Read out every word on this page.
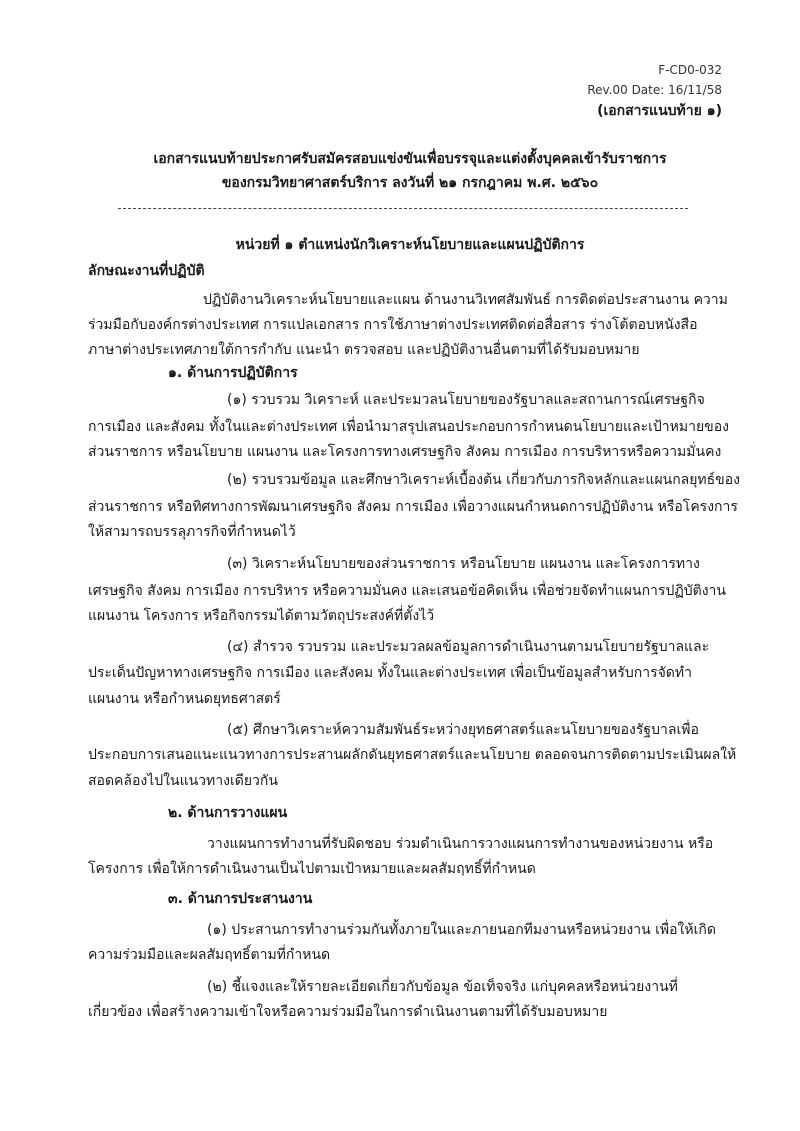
F-CD0-032
Rev.00 Date: 16/11/58
(เอกสารแนบท้าย ๑)
เอกสารแนบท้ายประกาศรับสมัครสอบแข่งขันเพื่อบรรจุและแต่งตั้งบุคคลเข้ารับราชการ
ของกรมวิทยาศาสตร์บริการ ลงวันที่ ๒๑ กรกฎาคม พ.ศ. ๒๕๖๐
หน่วยที่ ๑ ตำแหน่งนักวิเคราะห์นโยบายและแผนปฏิบัติการ
ลักษณะงานที่ปฏิบัติ
ปฏิบัติงานวิเคราะห์นโยบายและแผน ด้านงานวิเทศสัมพันธ์ การติดต่อประสานงาน ความ
ร่วมมือกับองค์กรต่างประเทศ การแปลเอกสาร การใช้ภาษาต่างประเทศติดต่อสื่อสาร ร่างโต้ตอบหนังสือ
ภาษาต่างประเทศภายใต้การกำกับ แนะนำ ตรวจสอบ และปฏิบัติงานอื่นตามที่ได้รับมอบหมาย
๑. ด้านการปฏิบัติการ
(๑) รวบรวม วิเคราะห์ และประมวลนโยบายของรัฐบาลและสถานการณ์เศรษฐกิจ
การเมือง และสังคม ทั้งในและต่างประเทศ เพื่อนำมาสรุปเสนอประกอบการกำหนดนโยบายและเป้าหมายของ
ส่วนราชการ หรือนโยบาย แผนงาน และโครงการทางเศรษฐกิจ สังคม การเมือง การบริหารหรือความมั่นคง
(๒) รวบรวมข้อมูล และศึกษาวิเคราะห์เบื้องต้น เกี่ยวกับภารกิจหลักและแผนกลยุทธ์ของ
ส่วนราชการ หรือทิศทางการพัฒนาเศรษฐกิจ สังคม การเมือง เพื่อวางแผนกำหนดการปฏิบัติงาน หรือโครงการ
ให้สามารถบรรลุภารกิจที่กำหนดไว้
(๓) วิเคราะห์นโยบายของส่วนราชการ หรือนโยบาย แผนงาน และโครงการทาง
เศรษฐกิจ สังคม การเมือง การบริหาร หรือความมั่นคง และเสนอข้อคิดเห็น เพื่อช่วยจัดทำแผนการปฏิบัติงาน
แผนงาน โครงการ หรือกิจกรรมได้ตามวัตถุประสงค์ที่ตั้งไว้
(๔) สำรวจ รวบรวม และประมวลผลข้อมูลการดำเนินงานตามนโยบายรัฐบาลและ
ประเด็นปัญหาทางเศรษฐกิจ การเมือง และสังคม ทั้งในและต่างประเทศ เพื่อเป็นข้อมูลสำหรับการจัดทำ
แผนงาน หรือกำหนดยุทธศาสตร์
(๕) ศึกษาวิเคราะห์ความสัมพันธ์ระหว่างยุทธศาสตร์และนโยบายของรัฐบาลเพื่อ
ประกอบการเสนอแนะแนวทางการประสานผลักดันยุทธศาสตร์และนโยบาย ตลอดจนการติดตามประเมินผลให้
สอดคล้องไปในแนวทางเดียวกัน
๒. ด้านการวางแผน
วางแผนการทำงานที่รับผิดชอบ ร่วมดำเนินการวางแผนการทำงานของหน่วยงาน หรือ
โครงการ เพื่อให้การดำเนินงานเป็นไปตามเป้าหมายและผลสัมฤทธิ์ที่กำหนด
๓. ด้านการประสานงาน
(๑) ประสานการทำงานร่วมกันทั้งภายในและภายนอกทีมงานหรือหน่วยงาน เพื่อให้เกิด
ความร่วมมือและผลสัมฤทธิ์ตามที่กำหนด
(๒) ชี้แจงและให้รายละเอียดเกี่ยวกับข้อมูล ข้อเท็จจริง แก่บุคคลหรือหน่วยงานที่
เกี่ยวข้อง เพื่อสร้างความเข้าใจหรือความร่วมมือในการดำเนินงานตามที่ได้รับมอบหมาย
